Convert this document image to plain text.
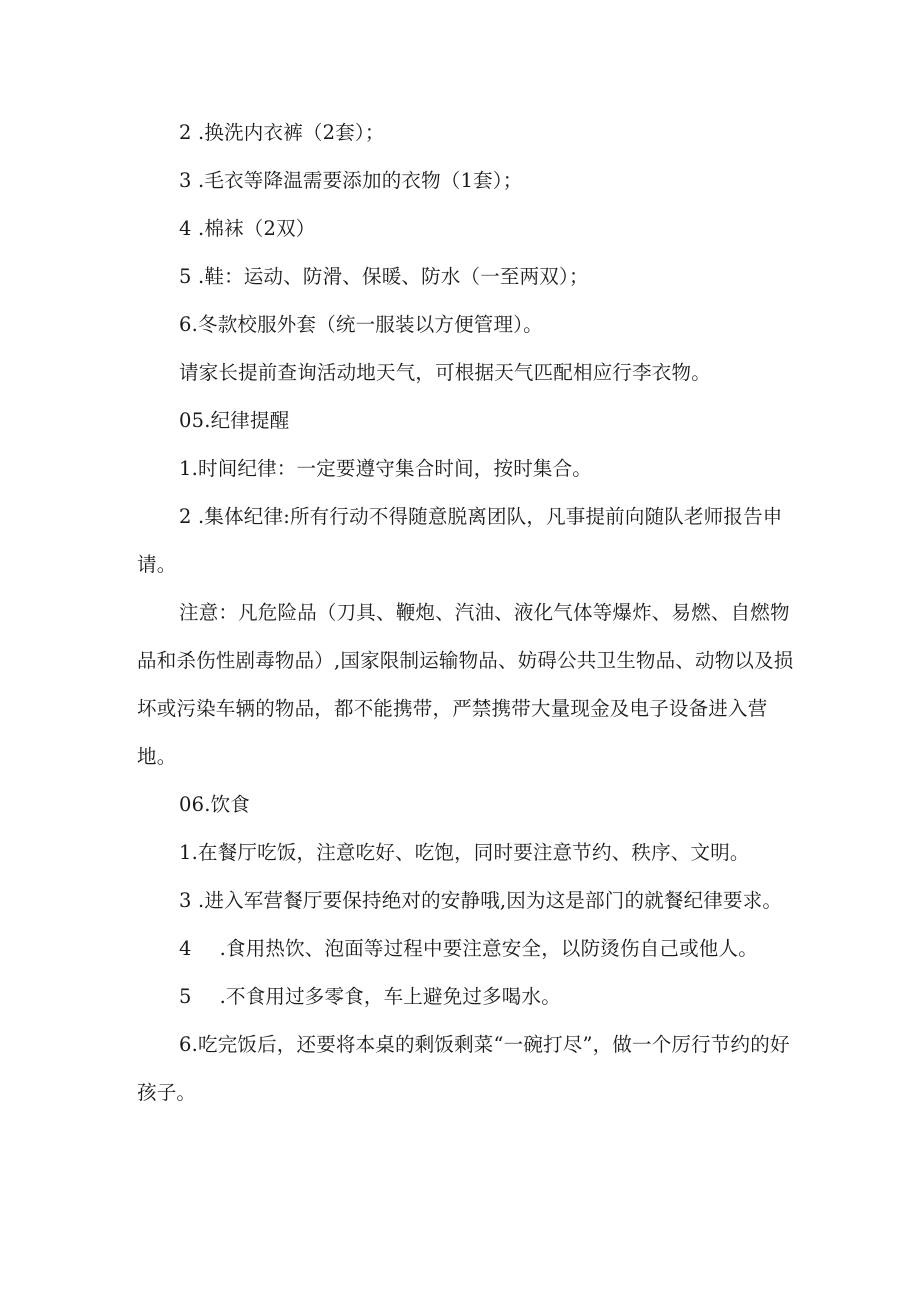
2 .换洗内衣裤（2套）；

3 .毛衣等降温需要添加的衣物（1套）；

4 .棉袜（2双）

5 .鞋：运动、防滑、保暖、防水（一至两双）；

6.冬款校服外套（统一服装以方便管理）。

请家长提前查询活动地天气，可根据天气匹配相应行李衣物。

05.纪律提醒

1.时间纪律：一定要遵守集合时间，按时集合。

2 .集体纪律:所有行动不得随意脱离团队，凡事提前向随队老师报告申请。

注意：凡危险品（刀具、鞭炮、汽油、液化气体等爆炸、易燃、自燃物品和杀伤性剧毒物品）,国家限制运输物品、妨碍公共卫生物品、动物以及损坏或污染车辆的物品，都不能携带，严禁携带大量现金及电子设备进入营地。

06.饮食

1.在餐厅吃饭，注意吃好、吃饱，同时要注意节约、秩序、文明。

3 .进入军营餐厅要保持绝对的安静哦,因为这是部门的就餐纪律要求。

4 .食用热饮、泡面等过程中要注意安全，以防烫伤自己或他人。

5 .不食用过多零食，车上避免过多喝水。

6.吃完饭后，还要将本桌的剩饭剩菜“一碗打尽”，做一个厉行节约的好孩子。
